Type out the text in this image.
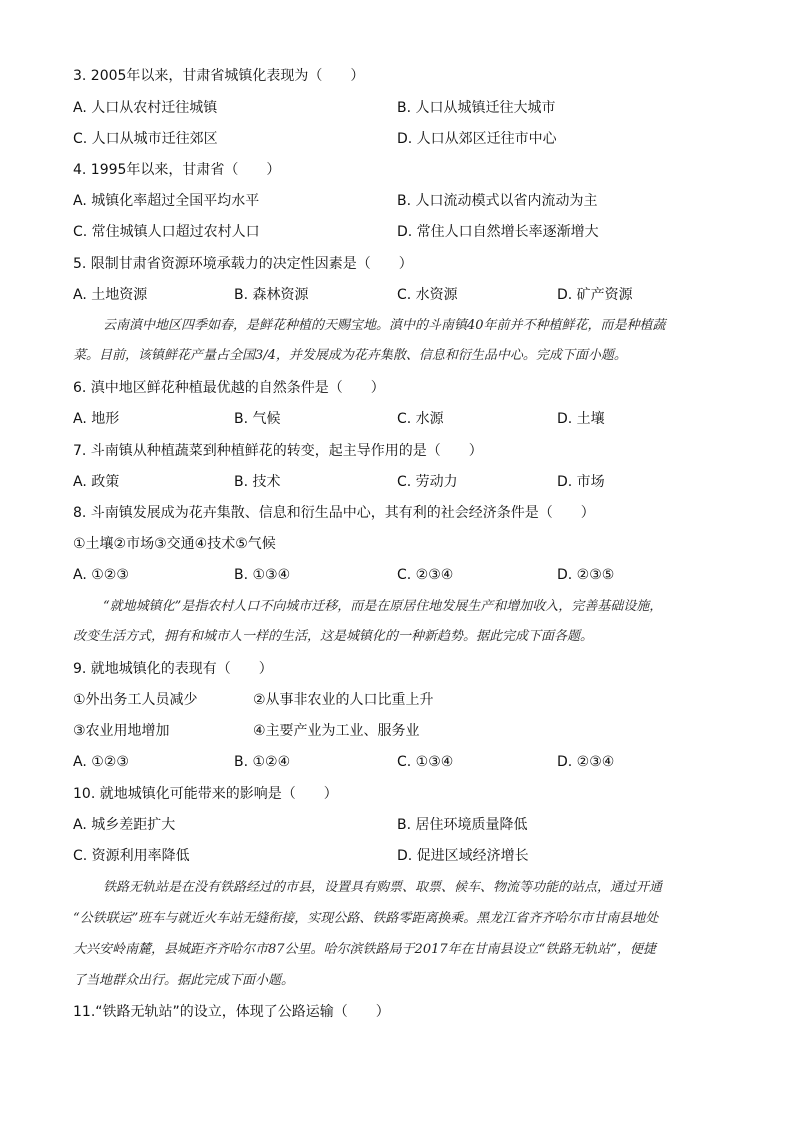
3. 2005年以来，甘肃省城镇化表现为（　　）
A. 人口从农村迁往城镇	B. 人口从城镇迁往大城市
C. 人口从城市迁往郊区	D. 人口从郊区迁往市中心
4. 1995年以来，甘肃省（　　）
A. 城镇化率超过全国平均水平	B. 人口流动模式以省内流动为主
C. 常住城镇人口超过农村人口	D. 常住人口自然增长率逐渐增大
5. 限制甘肃省资源环境承载力的决定性因素是（　　）
A. 土地资源	B. 森林资源	C. 水资源	D. 矿产资源
云南滇中地区四季如春，是鲜花种植的天赐宝地。滇中的斗南镇40年前并不种植鲜花，而是种植蔬
菜。目前，该镇鲜花产量占全国3/4，并发展成为花卉集散、信息和衍生品中心。完成下面小题。
6. 滇中地区鲜花种植最优越的自然条件是（　　）
A. 地形	B. 气候	C. 水源	D. 土壤
7. 斗南镇从种植蔬菜到种植鲜花的转变，起主导作用的是（　　）
A. 政策	B. 技术	C. 劳动力	D. 市场
8. 斗南镇发展成为花卉集散、信息和衍生品中心，其有利的社会经济条件是（　　）
①土壤②市场③交通④技术⑤气候
A. ①②③	B. ①③④	C. ②③④	D. ②③⑤
“就地城镇化”是指农村人口不向城市迁移，而是在原居住地发展生产和增加收入，完善基础设施，
改变生活方式，拥有和城市人一样的生活，这是城镇化的一种新趋势。据此完成下面各题。
9. 就地城镇化的表现有（　　）
①外出务工人员减少	②从事非农业的人口比重上升
③农业用地增加	④主要产业为工业、服务业
A. ①②③	B. ①②④	C. ①③④	D. ②③④
10. 就地城镇化可能带来的影响是（　　）
A. 城乡差距扩大	B. 居住环境质量降低
C. 资源利用率降低	D. 促进区域经济增长
铁路无轨站是在没有铁路经过的市县，设置具有购票、取票、候车、物流等功能的站点，通过开通
“公铁联运”班车与就近火车站无缝衔接，实现公路、铁路零距离换乘。黑龙江省齐齐哈尔市甘南县地处
大兴安岭南麓，县城距齐齐哈尔市87公里。哈尔滨铁路局于2017年在甘南县设立“铁路无轨站”，便捷
了当地群众出行。据此完成下面小题。
11.“铁路无轨站”的设立，体现了公路运输（　　）
